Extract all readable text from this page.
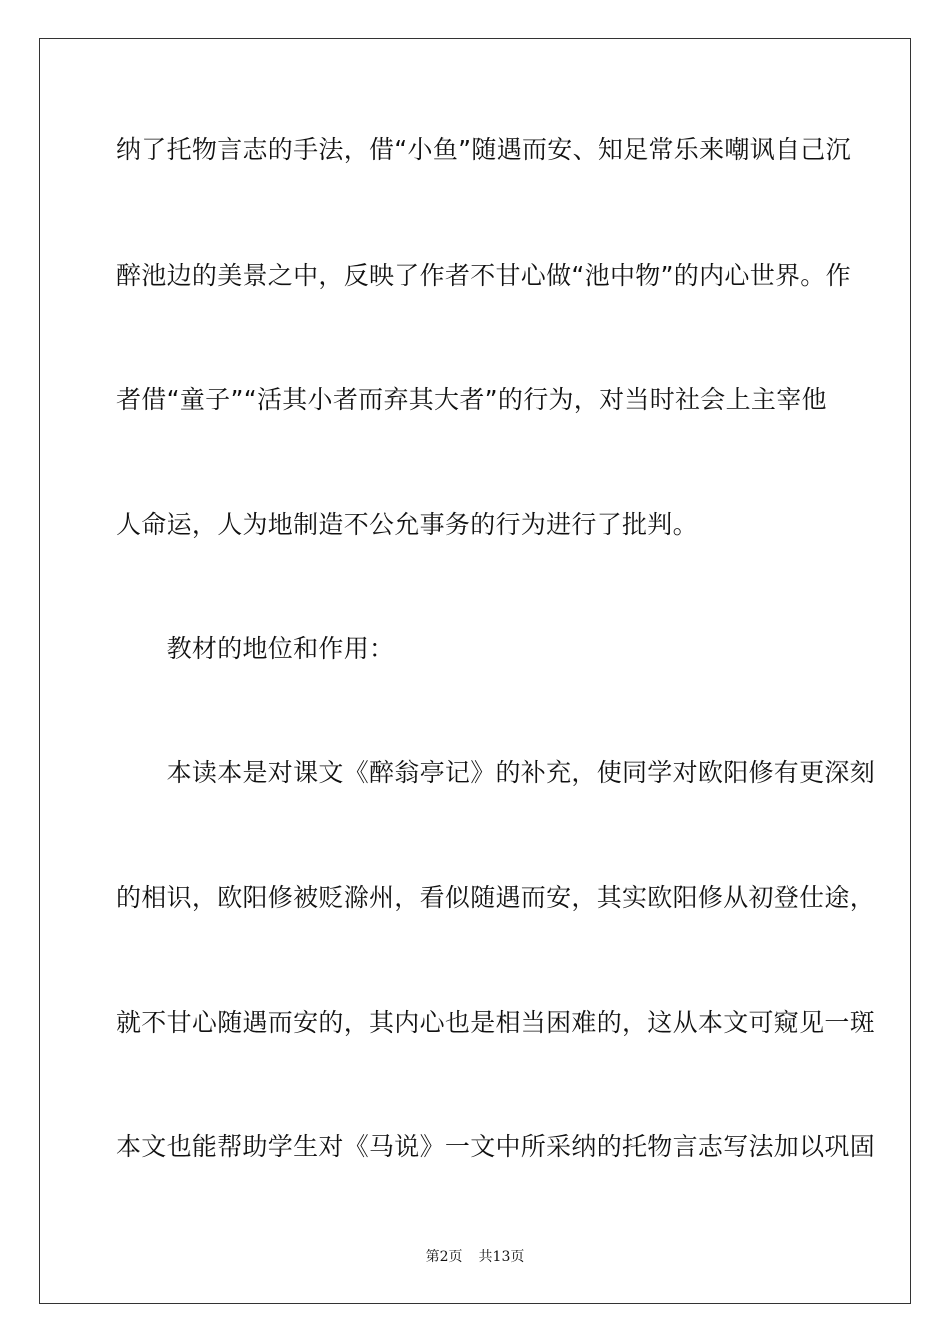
纳了托物言志的手法，借“小鱼”随遇而安、知足常乐来嘲讽自己沉
醉池边的美景之中，反映了作者不甘心做“池中物”的内心世界。作
者借“童子”“活其小者而弃其大者”的行为，对当时社会上主宰他
人命运，人为地制造不公允事务的行为进行了批判。
　　教材的地位和作用：
　　本读本是对课文《醉翁亭记》的补充，使同学对欧阳修有更深刻
的相识，欧阳修被贬滁州，看似随遇而安，其实欧阳修从初登仕途，
就不甘心随遇而安的，其内心也是相当困难的，这从本文可窥见一斑
本文也能帮助学生对《马说》一文中所采纳的托物言志写法加以巩固
第2页 共13页
